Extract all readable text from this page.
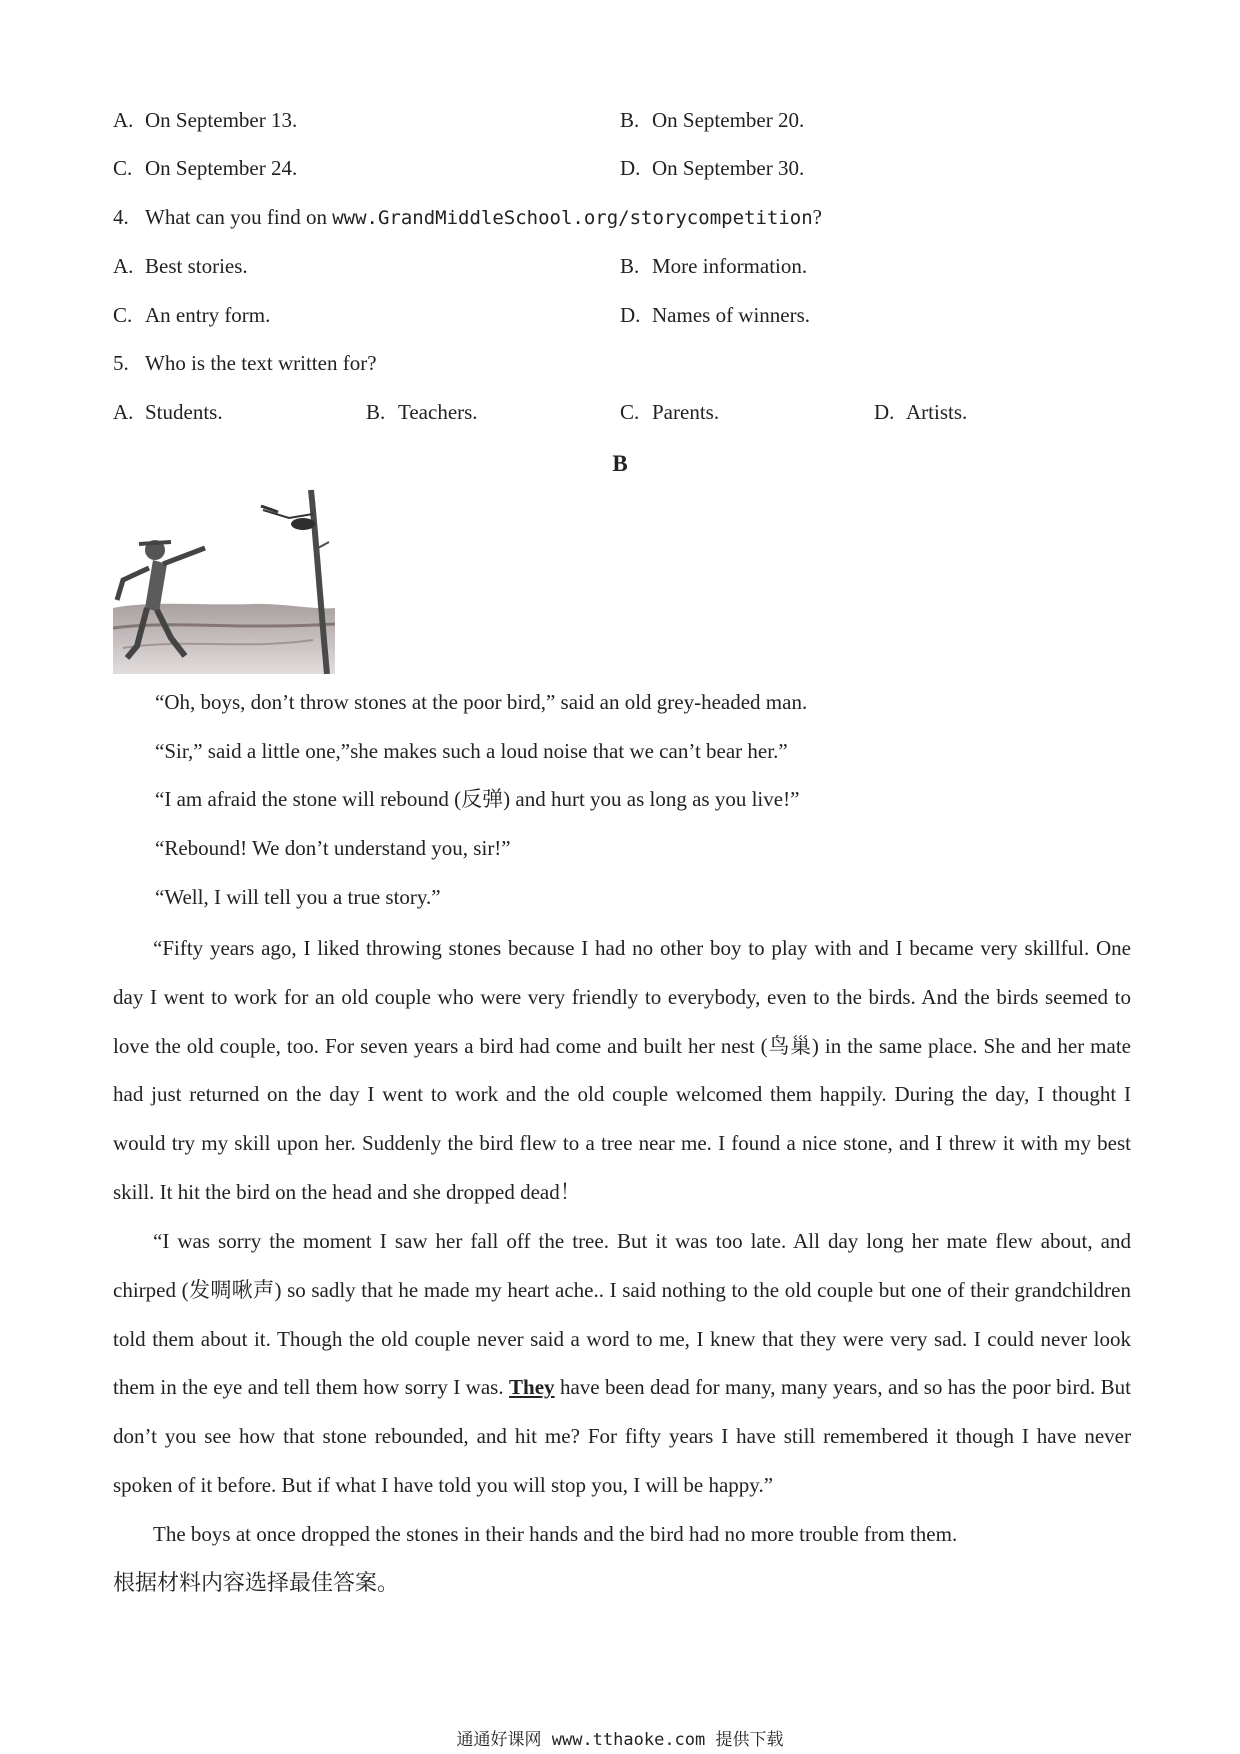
A. On September 13.	B. On September 20.
C. On September 24.	D. On September 30.
4. What can you find on www.GrandMiddleSchool.org/storycompetition?
A. Best stories.	B. More information.
C. An entry form.	D. Names of winners.
5. Who is the text written for?
A. Students.	B. Teachers.	C. Parents.	D. Artists.
B
“Oh, boys, don’t throw stones at the poor bird,” said an old grey-headed man.
“Sir,” said a little one,”she makes such a loud noise that we can’t bear her.”
“I am afraid the stone will rebound (反弹) and hurt you as long as you live!”
“Rebound! We don’t understand you, sir!”
“Well, I will tell you a true story.”
“Fifty years ago, I liked throwing stones because I had no other boy to play with and I became very skillful. One day I went to work for an old couple who were very friendly to everybody, even to the birds. And the birds seemed to love the old couple, too. For seven years a bird had come and built her nest (鸟巢) in the same place. She and her mate had just returned on the day I went to work and the old couple welcomed them happily. During the day, I thought I would try my skill upon her. Suddenly the bird flew to a tree near me. I found a nice stone, and I threw it with my best skill. It hit the bird on the head and she dropped dead！
“I was sorry the moment I saw her fall off the tree. But it was too late. All day long her mate flew about, and chirped (发啁啾声) so sadly that he made my heart ache.. I said nothing to the old couple but one of their grandchildren told them about it. Though the old couple never said a word to me, I knew that they were very sad. I could never look them in the eye and tell them how sorry I was. They have been dead for many, many years, and so has the poor bird. But don’t you see how that stone rebounded, and hit me? For fifty years I have still remembered it though I have never spoken of it before. But if what I have told you will stop you, I will be happy.”
The boys at once dropped the stones in their hands and the bird had no more trouble from them.
根据材料内容选择最佳答案。
通通好课网 www.tthaoke.com 提供下载
